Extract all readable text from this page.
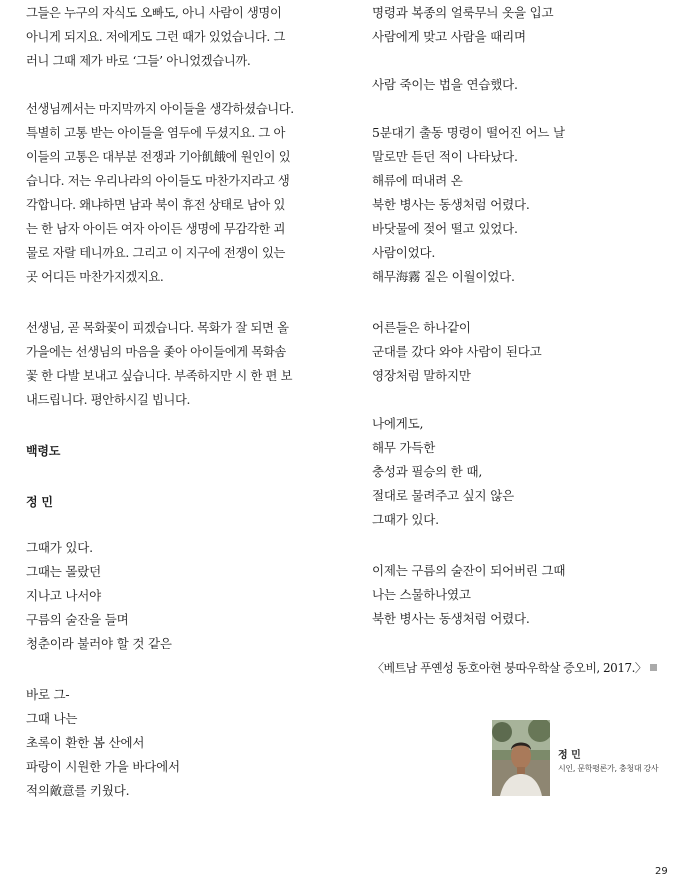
그들은 누구의 자식도 오빠도, 아니 사람이 생명이
아니게 되지요. 저에게도 그런 때가 있었습니다. 그
러니 그때 제가 바로 ‘그들’ 아니었겠습니까.
선생님께서는 마지막까지 아이들을 생각하셨습니다.
특별히 고통 받는 아이들을 염두에 두셨지요. 그 아
이들의 고통은 대부분 전쟁과 기아飢餓에 원인이 있
습니다. 저는 우리나라의 아이들도 마찬가지라고 생
각합니다. 왜냐하면 남과 북이 휴전 상태로 남아 있
는 한 남자 아이든 여자 아이든 생명에 무감각한 괴
물로 자랄 테니까요. 그리고 이 지구에 전쟁이 있는
곳 어디든 마찬가지겠지요.
선생님, 곧 목화꽃이 피겠습니다. 목화가 잘 되면 올
가을에는 선생님의 마음을 좇아 아이들에게 목화솜
꽃 한 다발 보내고 싶습니다. 부족하지만 시 한 편 보
내드립니다. 평안하시길 빕니다.
백령도
정 민
그때가 있다.
그때는 몰랐던
지나고 나서야
구름의 술잔을 들며
청춘이라 불러야 할 것 같은
바로 그-
그때 나는
초록이 환한 봄 산에서
파랑이 시원한 가을 바다에서
적의敵意를 키웠다.
명령과 복종의 얼룩무늬 옷을 입고
사람에게 맞고 사람을 때리며
사람 죽이는 법을 연습했다.
5분대기 출동 명령이 떨어진 어느 날
말로만 듣던 적이 나타났다.
해류에 떠내려 온
북한 병사는 동생처럼 어렸다.
바닷물에 젖어 떨고 있었다.
사람이었다.
해무海霧 짙은 이월이었다.
어른들은 하나같이
군대를 갔다 와야 사람이 된다고
영장처럼 말하지만
나에게도,
해무 가득한
충성과 필승의 한 때,
절대로 물려주고 싶지 않은
그때가 있다.
이제는 구름의 술잔이 되어버린 그때
나는 스물하나였고
북한 병사는 동생처럼 어렸다.
〈베트남 푸옌성 동호아현 붕따우학살 증오비, 2017.〉
정 민
시인, 문학평론가, 충청대 강사
29
